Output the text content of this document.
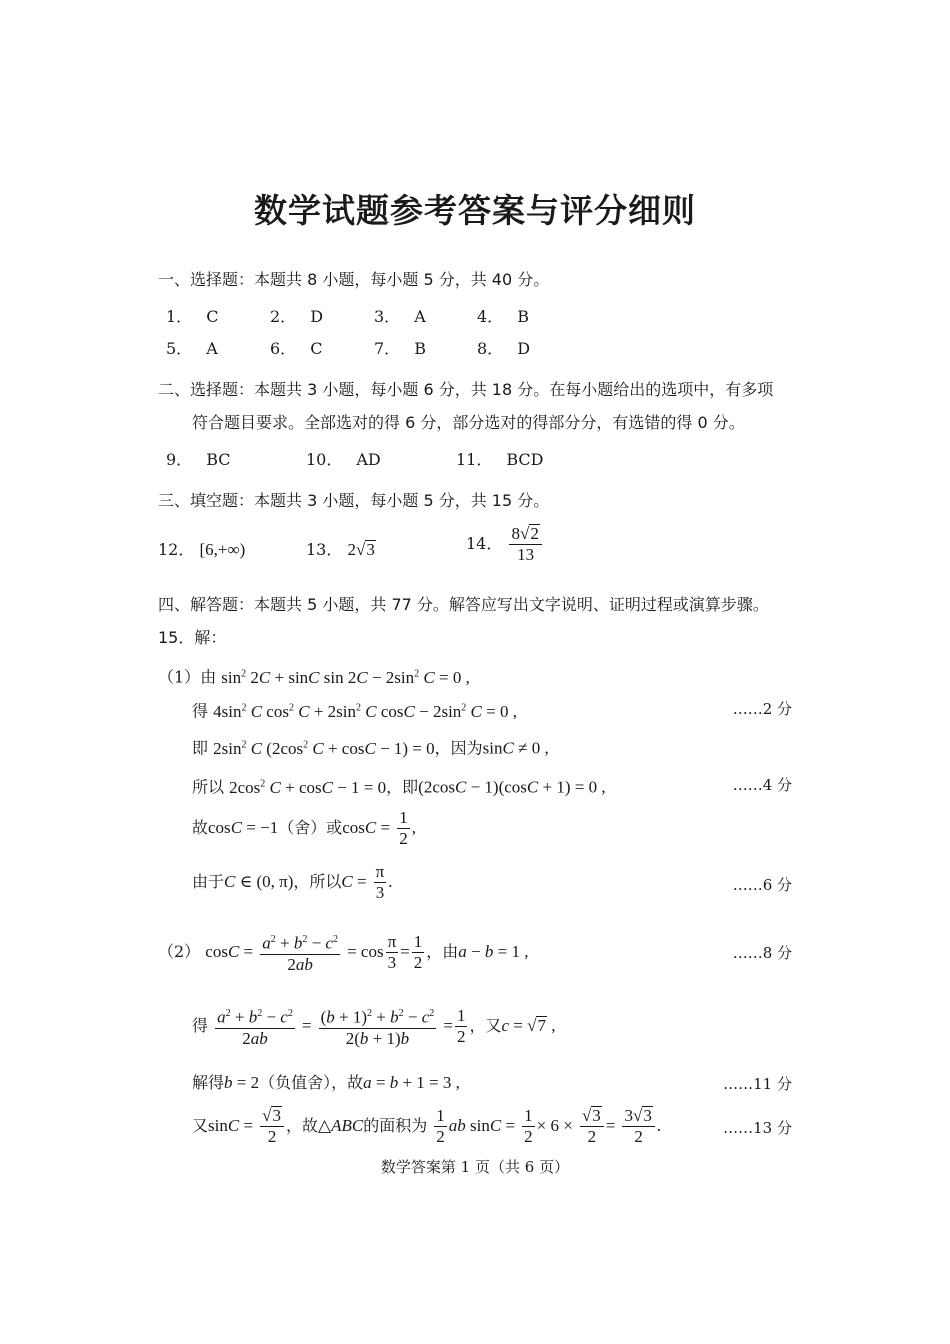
数学试题参考答案与评分细则
一、选择题：本题共 8 小题，每小题 5 分，共 40 分。
1． C	2． D	3． A	4． B
5． A	6． C	7． B	8． D
二、选择题：本题共 3 小题，每小题 6 分，共 18 分。在每小题给出的选项中，有多项
符合题目要求。全部选对的得 6 分，部分选对的得部分分，有选错的得 0 分。
9． BC	10． AD	11． BCD
三、填空题：本题共 3 小题，每小题 5 分，共 15 分。
12． [6,+∞)	13． 2√3	14． $\frac{8√2}{13}$
四、解答题：本题共 5 小题，共 77 分。解答应写出文字说明、证明过程或演算步骤。
15．解：
（1）由 $\sin^2 2C + \sin C$ $\sin 2C - 2\sin^2$ C = 0 ,
得 $4\sin^2$ C $\cos^2 C + 2\sin^2$ C $\cos C - 2\sin^2$ C = 0 ,	……2 分
即 $2\sin^2$ C ($2\cos^2$ C + cosC − 1) = 0，因为sinC ≠ 0 ,
所以 $2\cos^2$ C + cosC − 1 = 0，即(2cosC − 1)(cosC + 1) = 0 ,	……4 分
故cosC = −1（舍）或$\cos C = \frac{1}{2}$ ,
由于C ∈ (0, π)，所以$C = \frac{\pi}{3}$ .	……6 分
（2） $\cos C = \frac{a^2 + b^2 - c^2}{2ab} = \cos \frac{\pi}{3} = \frac{1}{2}$ ，由a − b = 1 ,	……8 分
得 $\frac{a^2 + b^2 - c^2}{2ab} = \frac{(b + 1)^2 + b^2 - c^2}{2(b + 1)b} = \frac{1}{2}$ ，又c = √7 ,
解得b = 2（负值舍），故a = b + 1 = 3 ,	……11 分
又$\sin C = \frac{√3}{2}$ ，故△ABC的面积为 $\frac{1}{2}$ ab $\sin C = \frac{1}{2} \times 6 \times \frac{√3}{2} = \frac{3√3}{2}$ .	……13 分
数学答案第 1 页（共 6 页）
